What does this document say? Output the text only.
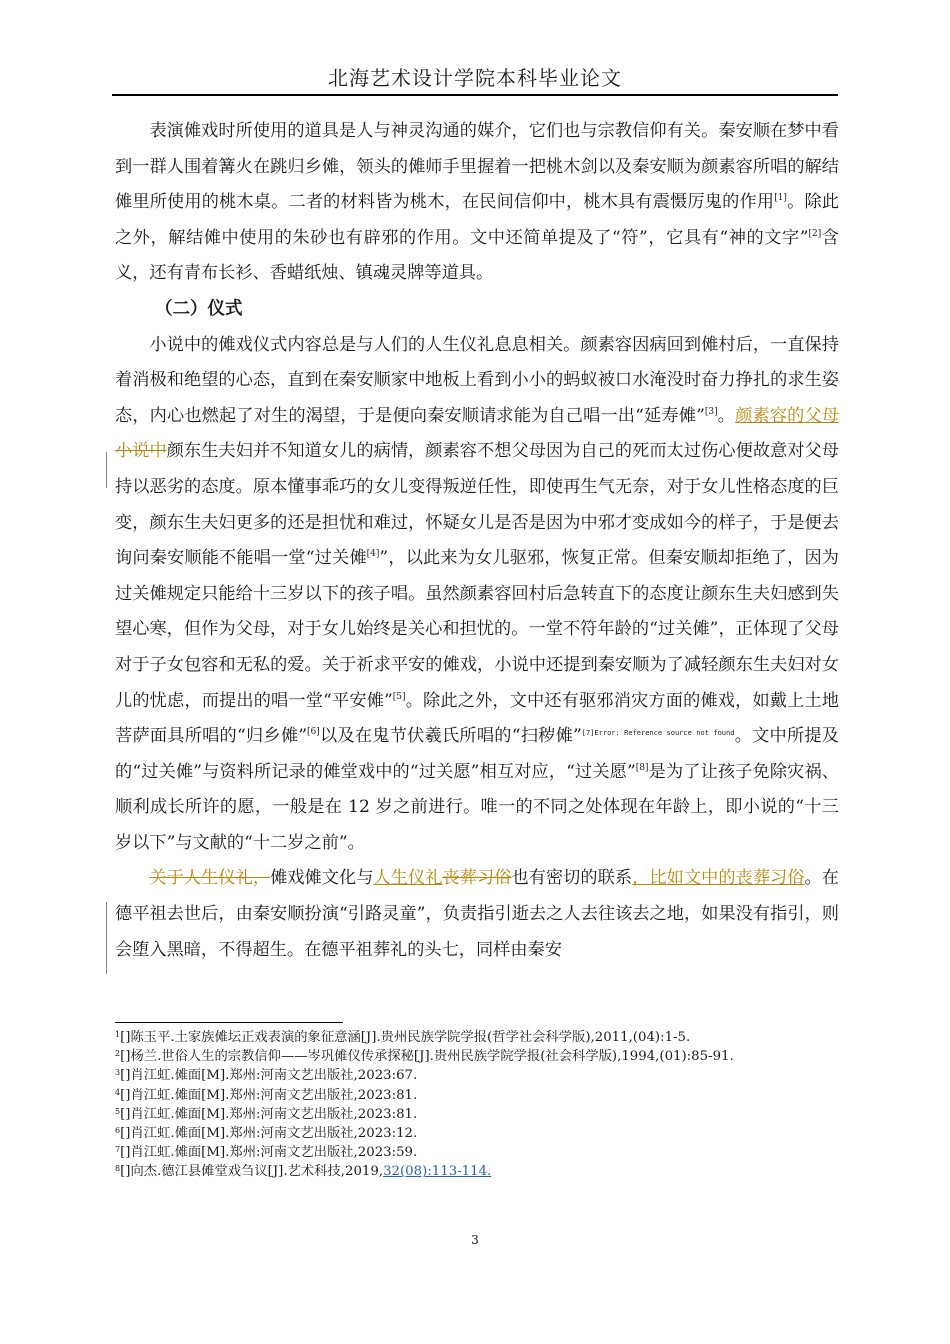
北海艺术设计学院本科毕业论文

表演傩戏时所使用的道具是人与神灵沟通的媒介，它们也与宗教信仰有关。秦安顺在梦中看到一群人围着篝火在跳归乡傩，领头的傩师手里握着一把桃木剑以及秦安顺为颜素容所唱的解结傩里所使用的桃木桌。二者的材料皆为桃木，在民间信仰中，桃木具有震慑厉鬼的作用[1]。除此之外，解结傩中使用的朱砂也有辟邪的作用。文中还简单提及了“符”，它具有“神的文字”[2]含义，还有青布长衫、香蜡纸烛、镇魂灵牌等道具。

（二）仪式

小说中的傩戏仪式内容总是与人们的人生仪礼息息相关。颜素容因病回到傩村后，一直保持着消极和绝望的心态，直到在秦安顺家中地板上看到小小的蚂蚁被口水淹没时奋力挣扎的求生姿态，内心也燃起了对生的渴望，于是便向秦安顺请求能为自己唱一出“延寿傩”[3]。颜素容的父母小说中颜东生夫妇并不知道女儿的病情，颜素容不想父母因为自己的死而太过伤心便故意对父母持以恶劣的态度。原本懂事乖巧的女儿变得叛逆任性，即使再生气无奈，对于女儿性格态度的巨变，颜东生夫妇更多的还是担忧和难过，怀疑女儿是否是因为中邪才变成如今的样子，于是便去询问秦安顺能不能唱一堂“过关傩[4]”，以此来为女儿驱邪，恢复正常。但秦安顺却拒绝了，因为过关傩规定只能给十三岁以下的孩子唱。虽然颜素容回村后急转直下的态度让颜东生夫妇感到失望心寒，但作为父母，对于女儿始终是关心和担忧的。一堂不符年龄的“过关傩”，正体现了父母对于子女包容和无私的爱。关于祈求平安的傩戏，小说中还提到秦安顺为了减轻颜东生夫妇对女儿的忧虑，而提出的唱一堂“平安傩”[5]。除此之外，文中还有驱邪消灾方面的傩戏，如戴上土地菩萨面具所唱的“归乡傩”[6]以及在鬼节伏羲氏所唱的“扫秽傩”$^{[7]Error: Reference source not found}$。文中所提及的“过关傩”与资料所记录的傩堂戏中的“过关愿”相互对应，“过关愿”[8]是为了让孩子免除灾祸、顺利成长所许的愿，一般是在 12 岁之前进行。唯一的不同之处体现在年龄上，即小说的“十三岁以下”与文献的“十二岁之前”。

关于人生仪礼，傩戏傩文化与人生仪礼丧葬习俗也有密切的联系，比如文中的丧葬习俗。在德平祖去世后，由秦安顺扮演“引路灵童”，负责指引逝去之人去往该去之地，如果没有指引，则会堕入黑暗，不得超生。在德平祖葬礼的头七，同样由秦安

$^1$[]陈玉平.土家族傩坛正戏表演的象征意涵[J].贵州民族学院学报(哲学社会科学版),2011,(04):1-5.

$^2$[]杨兰.世俗人生的宗教信仰——岑巩傩仪传承探秘[J].贵州民族学院学报(社会科学版),1994,(01):85-91.

$^3$[]肖江虹.傩面[M].郑州:河南文艺出版社,2023:67.

$^4$[]肖江虹.傩面[M].郑州:河南文艺出版社,2023:81.

$^5$[]肖江虹.傩面[M].郑州:河南文艺出版社,2023:81.

$^6$[]肖江虹.傩面[M].郑州:河南文艺出版社,2023:12.

$^7$[]肖江虹.傩面[M].郑州:河南文艺出版社,2023:59.

$^8$[]向杰.德江县傩堂戏刍议[J].艺术科技,2019,32(08):113-114.

3
